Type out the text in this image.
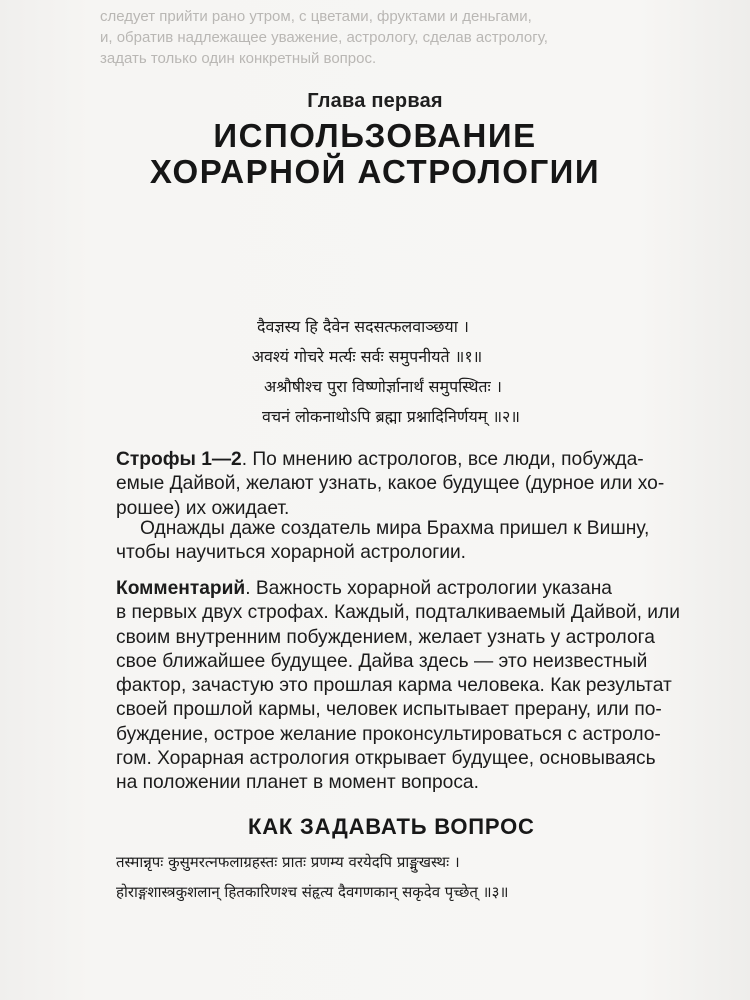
следует прийти рано утром, с цветами, фруктами и деньгами,
и, обратив надлежащее уважение, астрологу, сделав астрологу,
задать только один конкретный вопрос.
Глава первая
ИСПОЛЬЗОВАНИЕ
ХОРАРНОЙ АСТРОЛОГИИ
दैवज्ञस्य हि दैवेन सदसत्फलवाञ्छया ।
अवश्यं गोचरे मर्त्यः सर्वः समुपनीयते ॥१॥
अश्रौषीश्च पुरा विष्णोर्ज्ञानार्थं समुपस्थितः ।
वचनं लोकनाथोऽपि ब्रह्मा प्रश्नादिनिर्णयम् ॥२॥
Строфы 1—2. По мнению астрологов, все люди, побужда-
емые Дайвой, желают узнать, какое будущее (дурное или хо-
рошее) их ожидает.
Однажды даже создатель мира Брахма пришел к Вишну,
чтобы научиться хорарной астрологии.
Комментарий. Важность хорарной астрологии указана
в первых двух строфах. Каждый, подталкиваемый Дайвой, или
своим внутренним побуждением, желает узнать у астролога
свое ближайшее будущее. Дайва здесь — это неизвестный
фактор, зачастую это прошлая карма человека. Как результат
своей прошлой кармы, человек испытывает прерану, или по-
буждение, острое желание проконсультироваться с астроло-
гом. Хорарная астрология открывает будущее, основываясь
на положении планет в момент вопроса.
КАК ЗАДАВАТЬ ВОПРОС
तस्मान्नृपः कुसुमरत्नफलाग्रहस्तः प्रातः प्रणम्य वरयेदपि प्राङ्मुखस्थः ।
होराङ्गशास्त्रकुशलान् हितकारिणश्च संहृत्य दैवगणकान् सकृदेव पृच्छेत् ॥३॥
